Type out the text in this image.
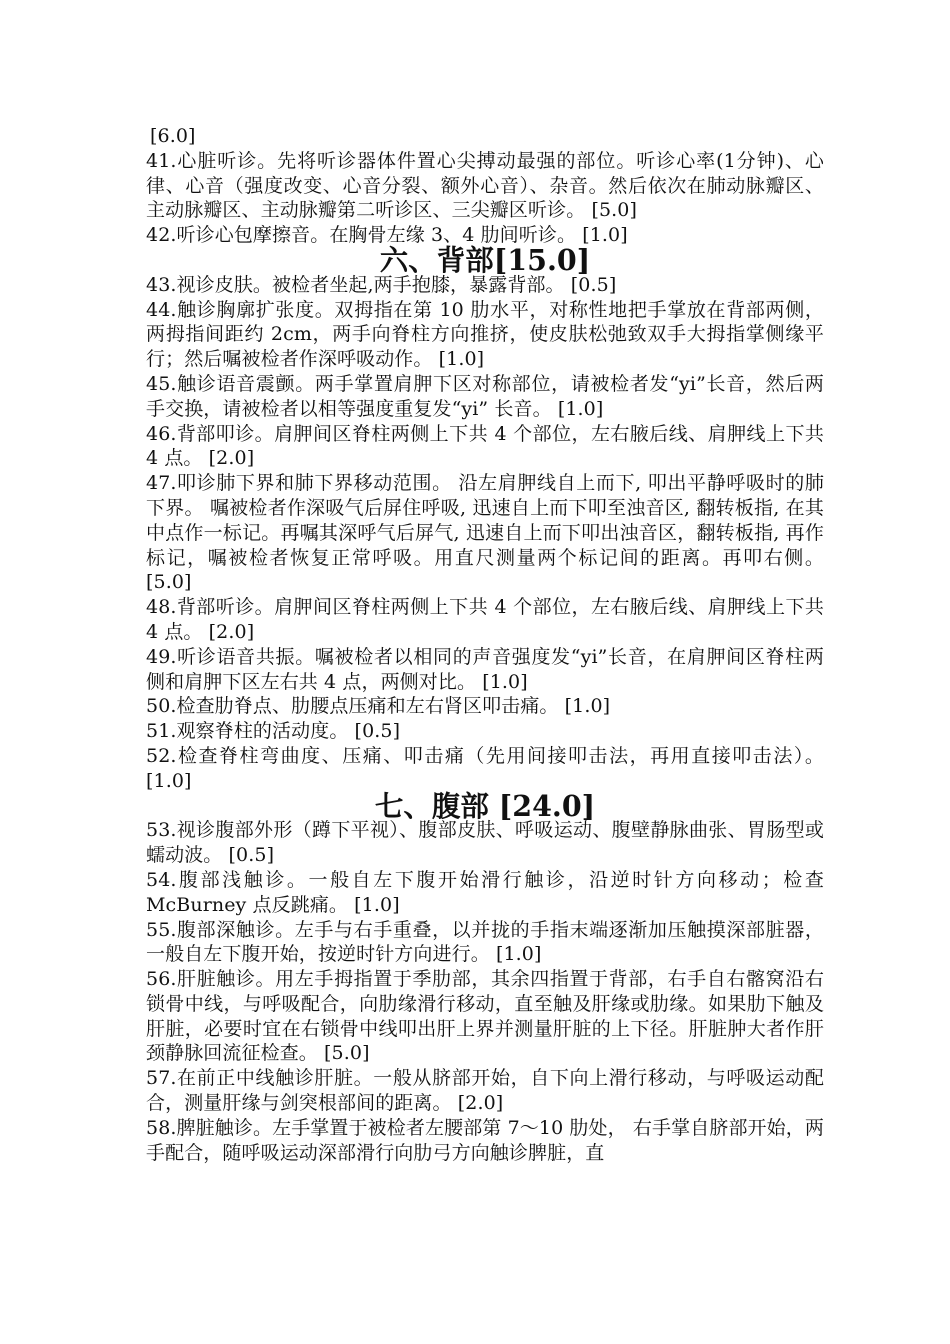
[6.0]

41.心脏听诊。先将听诊器体件置心尖搏动最强的部位。听诊心率(1分钟)、心律、心音（强度改变、心音分裂、额外心音）、杂音。然后依次在肺动脉瓣区、主动脉瓣区、主动脉瓣第二听诊区、三尖瓣区听诊。 [5.0]

42.听诊心包摩擦音。在胸骨左缘 3、4 肋间听诊。 [1.0]

六、背部[15.0]

43.视诊皮肤。被检者坐起,两手抱膝，暴露背部。 [0.5]

44.触诊胸廓扩张度。双拇指在第 10 肋水平，对称性地把手掌放在背部两侧，两拇指间距约 2cm，两手向脊柱方向推挤，使皮肤松弛致双手大拇指掌侧缘平行；然后嘱被检者作深呼吸动作。 [1.0]

45.触诊语音震颤。两手掌置肩胛下区对称部位，请被检者发“yi”长音，然后两手交换，请被检者以相等强度重复发“yi” 长音。 [1.0]

46.背部叩诊。肩胛间区脊柱两侧上下共 4 个部位，左右腋后线、肩胛线上下共 4 点。 [2.0]

47.叩诊肺下界和肺下界移动范围。 沿左肩胛线自上而下, 叩出平静呼吸时的肺下界。 嘱被检者作深吸气后屏住呼吸, 迅速自上而下叩至浊音区, 翻转板指, 在其中点作一标记。再嘱其深呼气后屏气, 迅速自上而下叩出浊音区，翻转板指, 再作标记，嘱被检者恢复正常呼吸。用直尺测量两个标记间的距离。再叩右侧。 [5.0]

48.背部听诊。肩胛间区脊柱两侧上下共 4 个部位，左右腋后线、肩胛线上下共 4 点。 [2.0]

49.听诊语音共振。嘱被检者以相同的声音强度发“yi”长音，在肩胛间区脊柱两侧和肩胛下区左右共 4 点，两侧对比。 [1.0]

50.检查肋脊点、肋腰点压痛和左右肾区叩击痛。 [1.0]

51.观察脊柱的活动度。 [0.5]

52.检查脊柱弯曲度、压痛、叩击痛（先用间接叩击法，再用直接叩击法）。 [1.0]

七、腹部 [24.0]

53.视诊腹部外形（蹲下平视）、腹部皮肤、呼吸运动、腹壁静脉曲张、胃肠型或蠕动波。 [0.5]

54.腹部浅触诊。一般自左下腹开始滑行触诊，沿逆时针方向移动；检查 McBurney 点反跳痛。 [1.0]

55.腹部深触诊。左手与右手重叠，以并拢的手指末端逐渐加压触摸深部脏器，一般自左下腹开始，按逆时针方向进行。 [1.0]

56.肝脏触诊。用左手拇指置于季肋部，其余四指置于背部，右手自右髂窝沿右锁骨中线，与呼吸配合，向肋缘滑行移动，直至触及肝缘或肋缘。如果肋下触及肝脏，必要时宜在右锁骨中线叩出肝上界并测量肝脏的上下径。肝脏肿大者作肝颈静脉回流征检查。 [5.0]

57.在前正中线触诊肝脏。一般从脐部开始，自下向上滑行移动，与呼吸运动配合，测量肝缘与剑突根部间的距离。 [2.0]

58.脾脏触诊。左手掌置于被检者左腰部第 7～10 肋处， 右手掌自脐部开始，两手配合，随呼吸运动深部滑行向肋弓方向触诊脾脏，直
